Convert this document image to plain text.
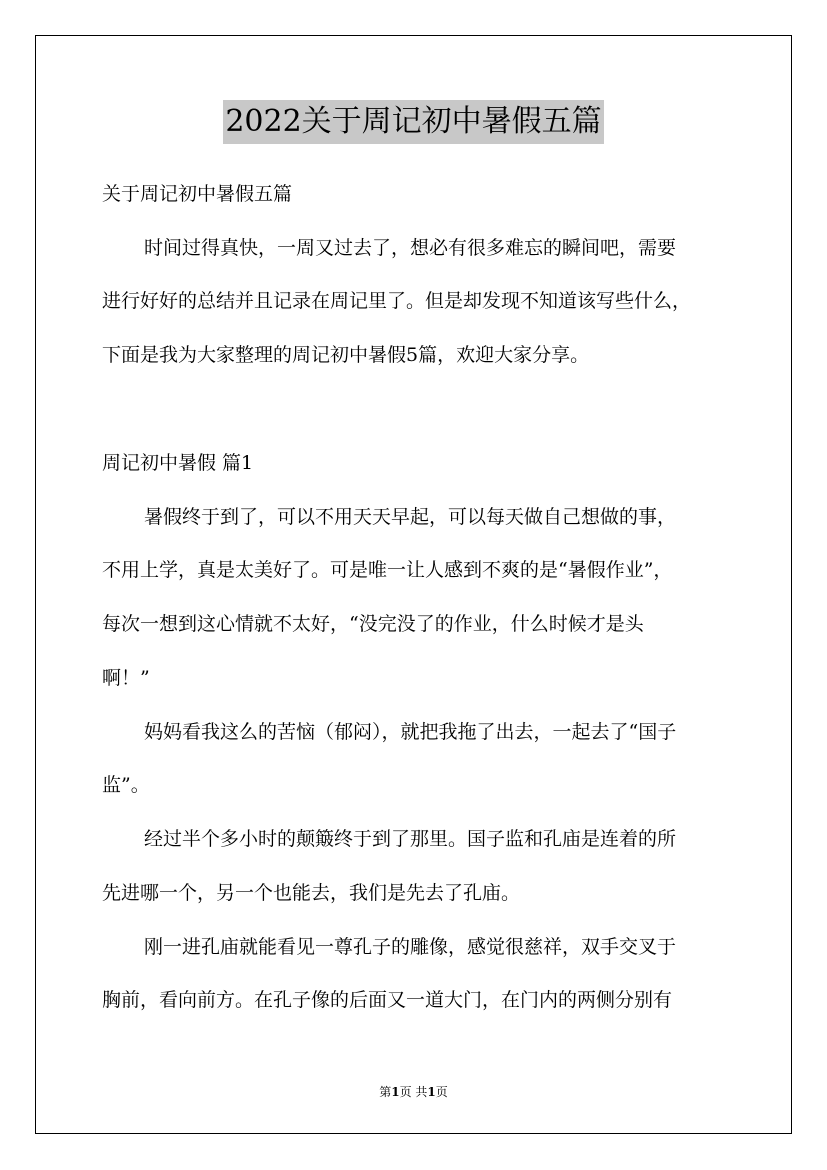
2022关于周记初中暑假五篇
关于周记初中暑假五篇
时间过得真快，一周又过去了，想必有很多难忘的瞬间吧，需要
进行好好的总结并且记录在周记里了。但是却发现不知道该写些什么，
下面是我为大家整理的周记初中暑假5篇，欢迎大家分享。
周记初中暑假 篇1
暑假终于到了，可以不用天天早起，可以每天做自己想做的事，
不用上学，真是太美好了。可是唯一让人感到不爽的是“暑假作业”，
每次一想到这心情就不太好，“没完没了的作业，什么时候才是头
啊！”
妈妈看我这么的苦恼（郁闷），就把我拖了出去，一起去了“国子
监”。
经过半个多小时的颠簸终于到了那里。国子监和孔庙是连着的所
先进哪一个，另一个也能去，我们是先去了孔庙。
刚一进孔庙就能看见一尊孔子的雕像，感觉很慈祥，双手交叉于
胸前，看向前方。在孔子像的后面又一道大门，在门内的两侧分别有
第1页 共1页
